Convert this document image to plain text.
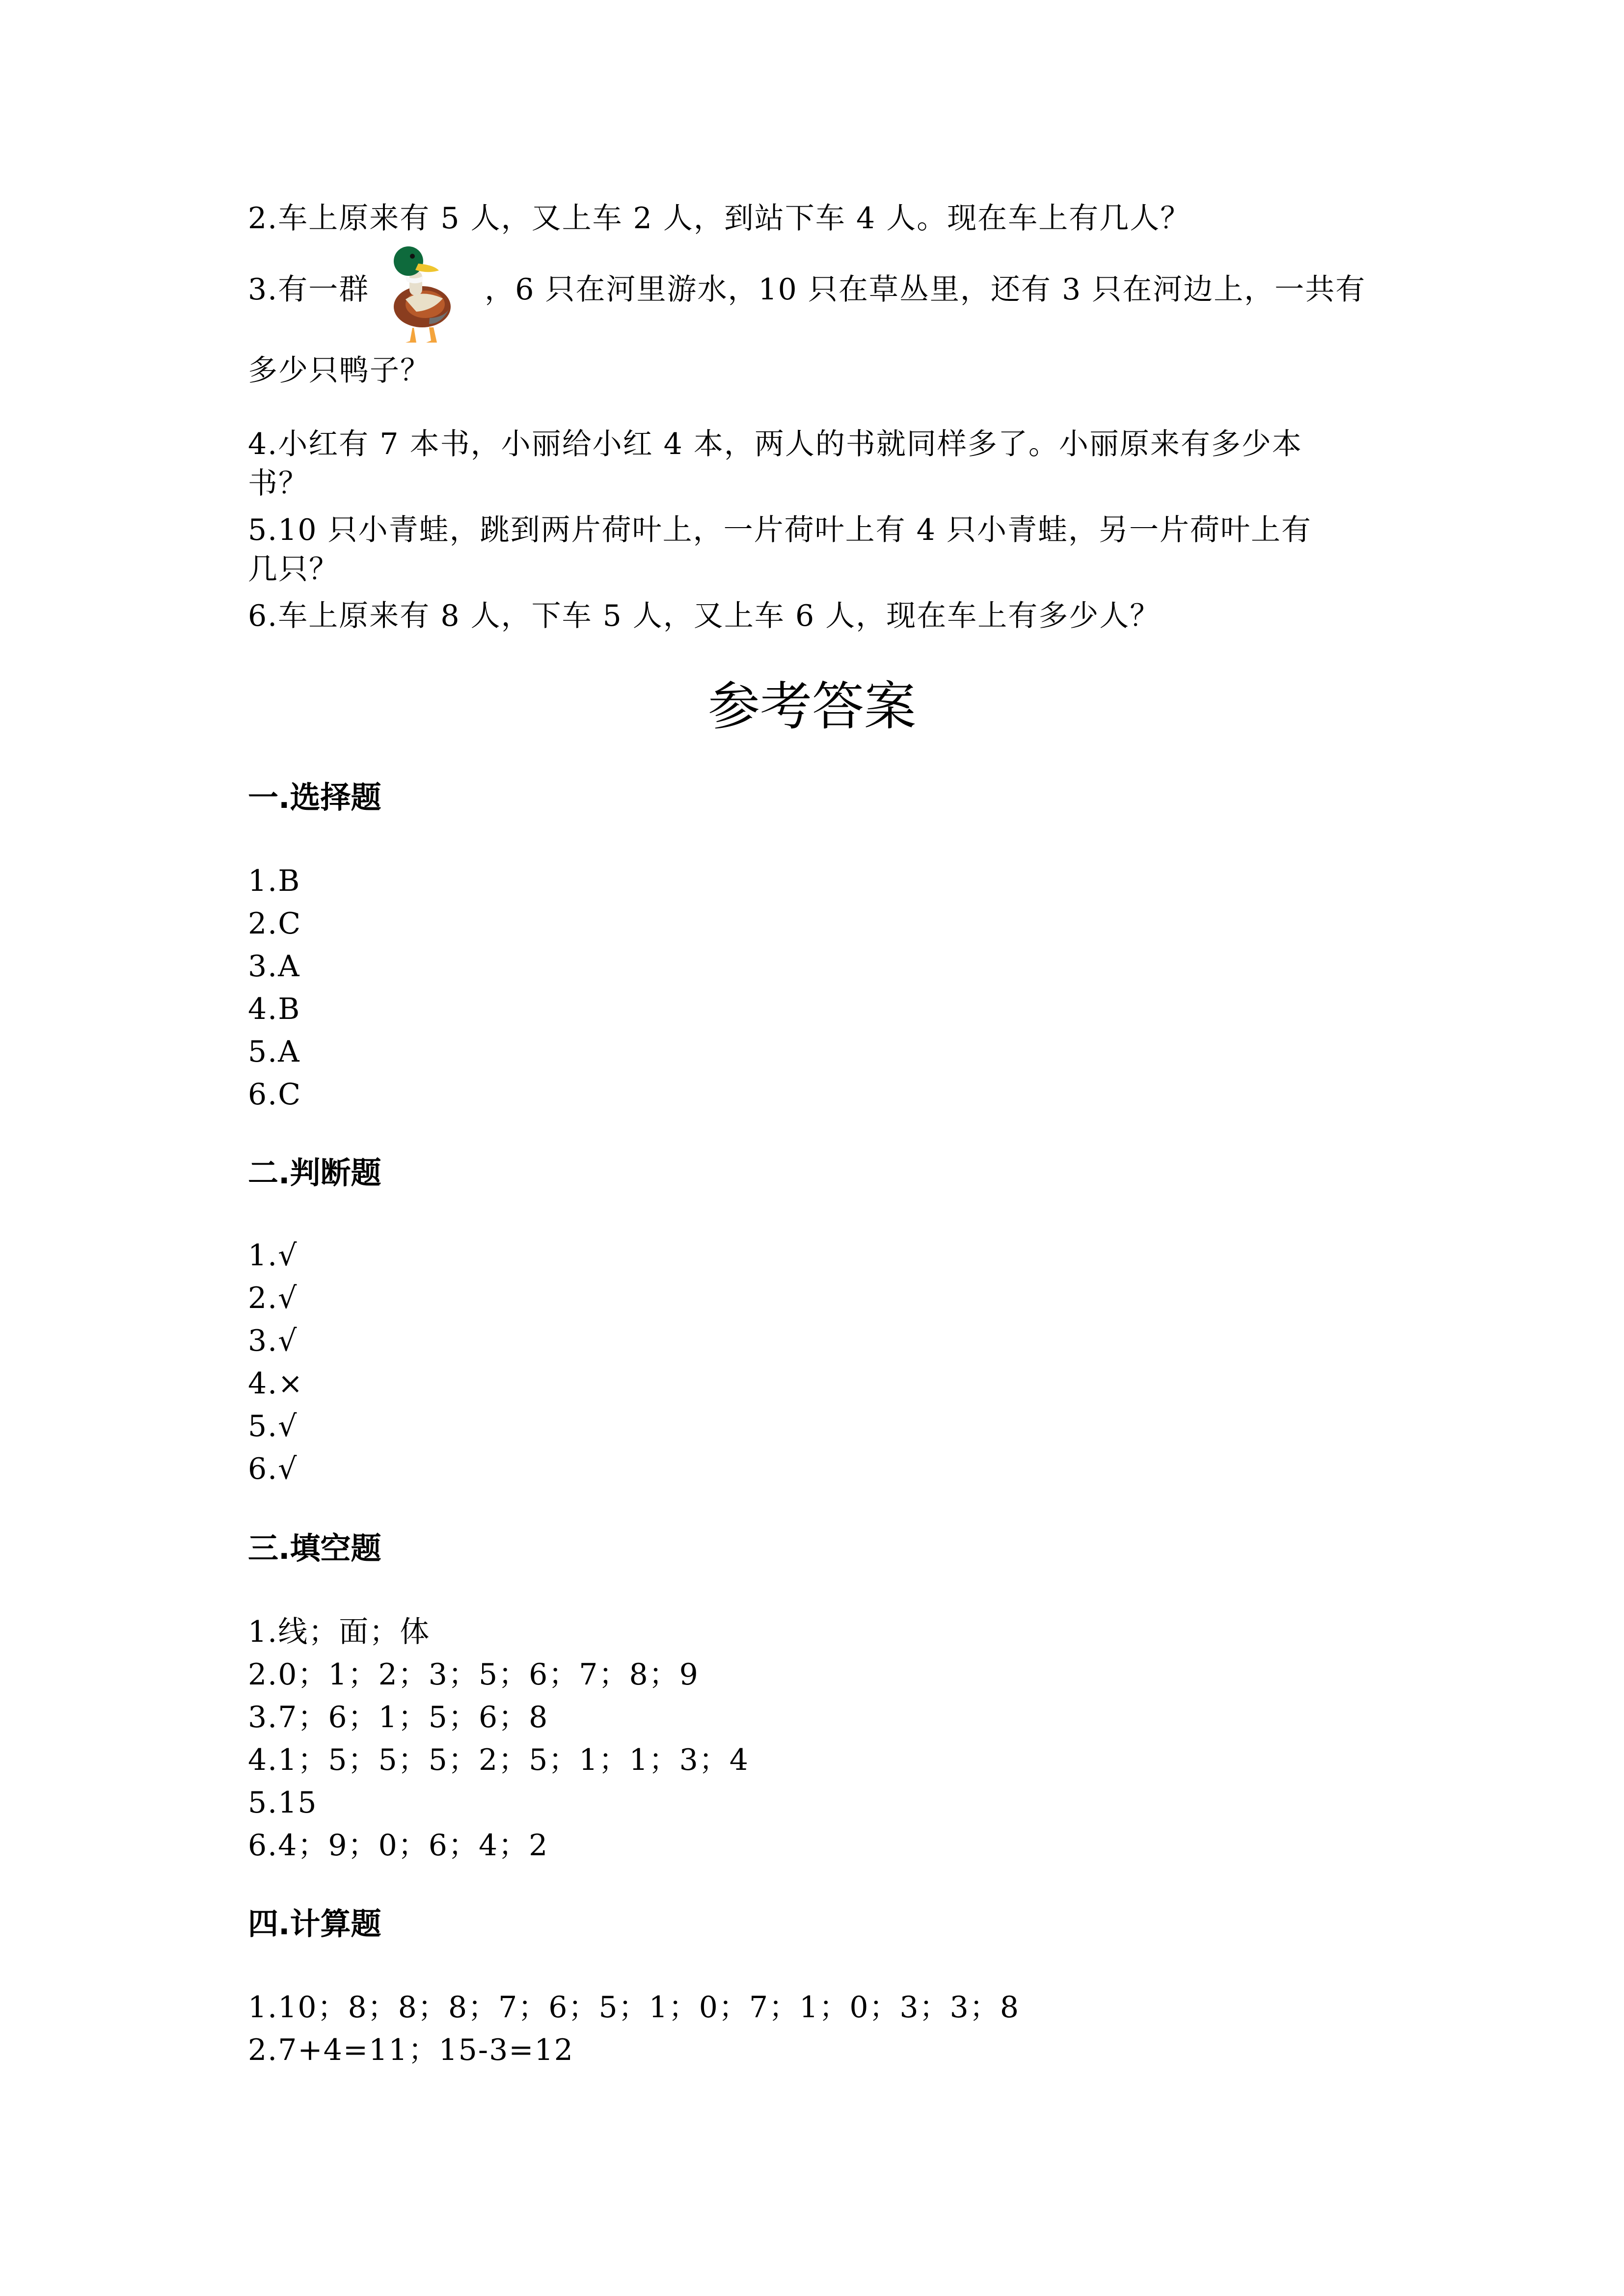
2.车上原来有 5 人，又上车 2 人，到站下车 4 人。现在车上有几人？
3.有一群	，6 只在河里游水，10 只在草丛里，还有 3 只在河边上，一共有
多少只鸭子？
4.小红有 7 本书，小丽给小红 4 本，两人的书就同样多了。小丽原来有多少本
书？
5.10 只小青蛙，跳到两片荷叶上，一片荷叶上有 4 只小青蛙，另一片荷叶上有
几只？
6.车上原来有 8 人，下车 5 人，又上车 6 人，现在车上有多少人？
参考答案
一.选择题
1.B
2.C
3.A
4.B
5.A
6.C
二.判断题
1.√
2.√
3.√
4.×
5.√
6.√
三.填空题
1.线；面；体
2.0；1；2；3；5；6；7；8；9
3.7；6；1；5；6；8
4.1；5；5；5；2；5；1；1；3；4
5.15
6.4；9；0；6；4；2
四.计算题
1.10；8；8；8；7；6；5；1；0；7；1；0；3；3；8
2.7+4=11；15-3=12
